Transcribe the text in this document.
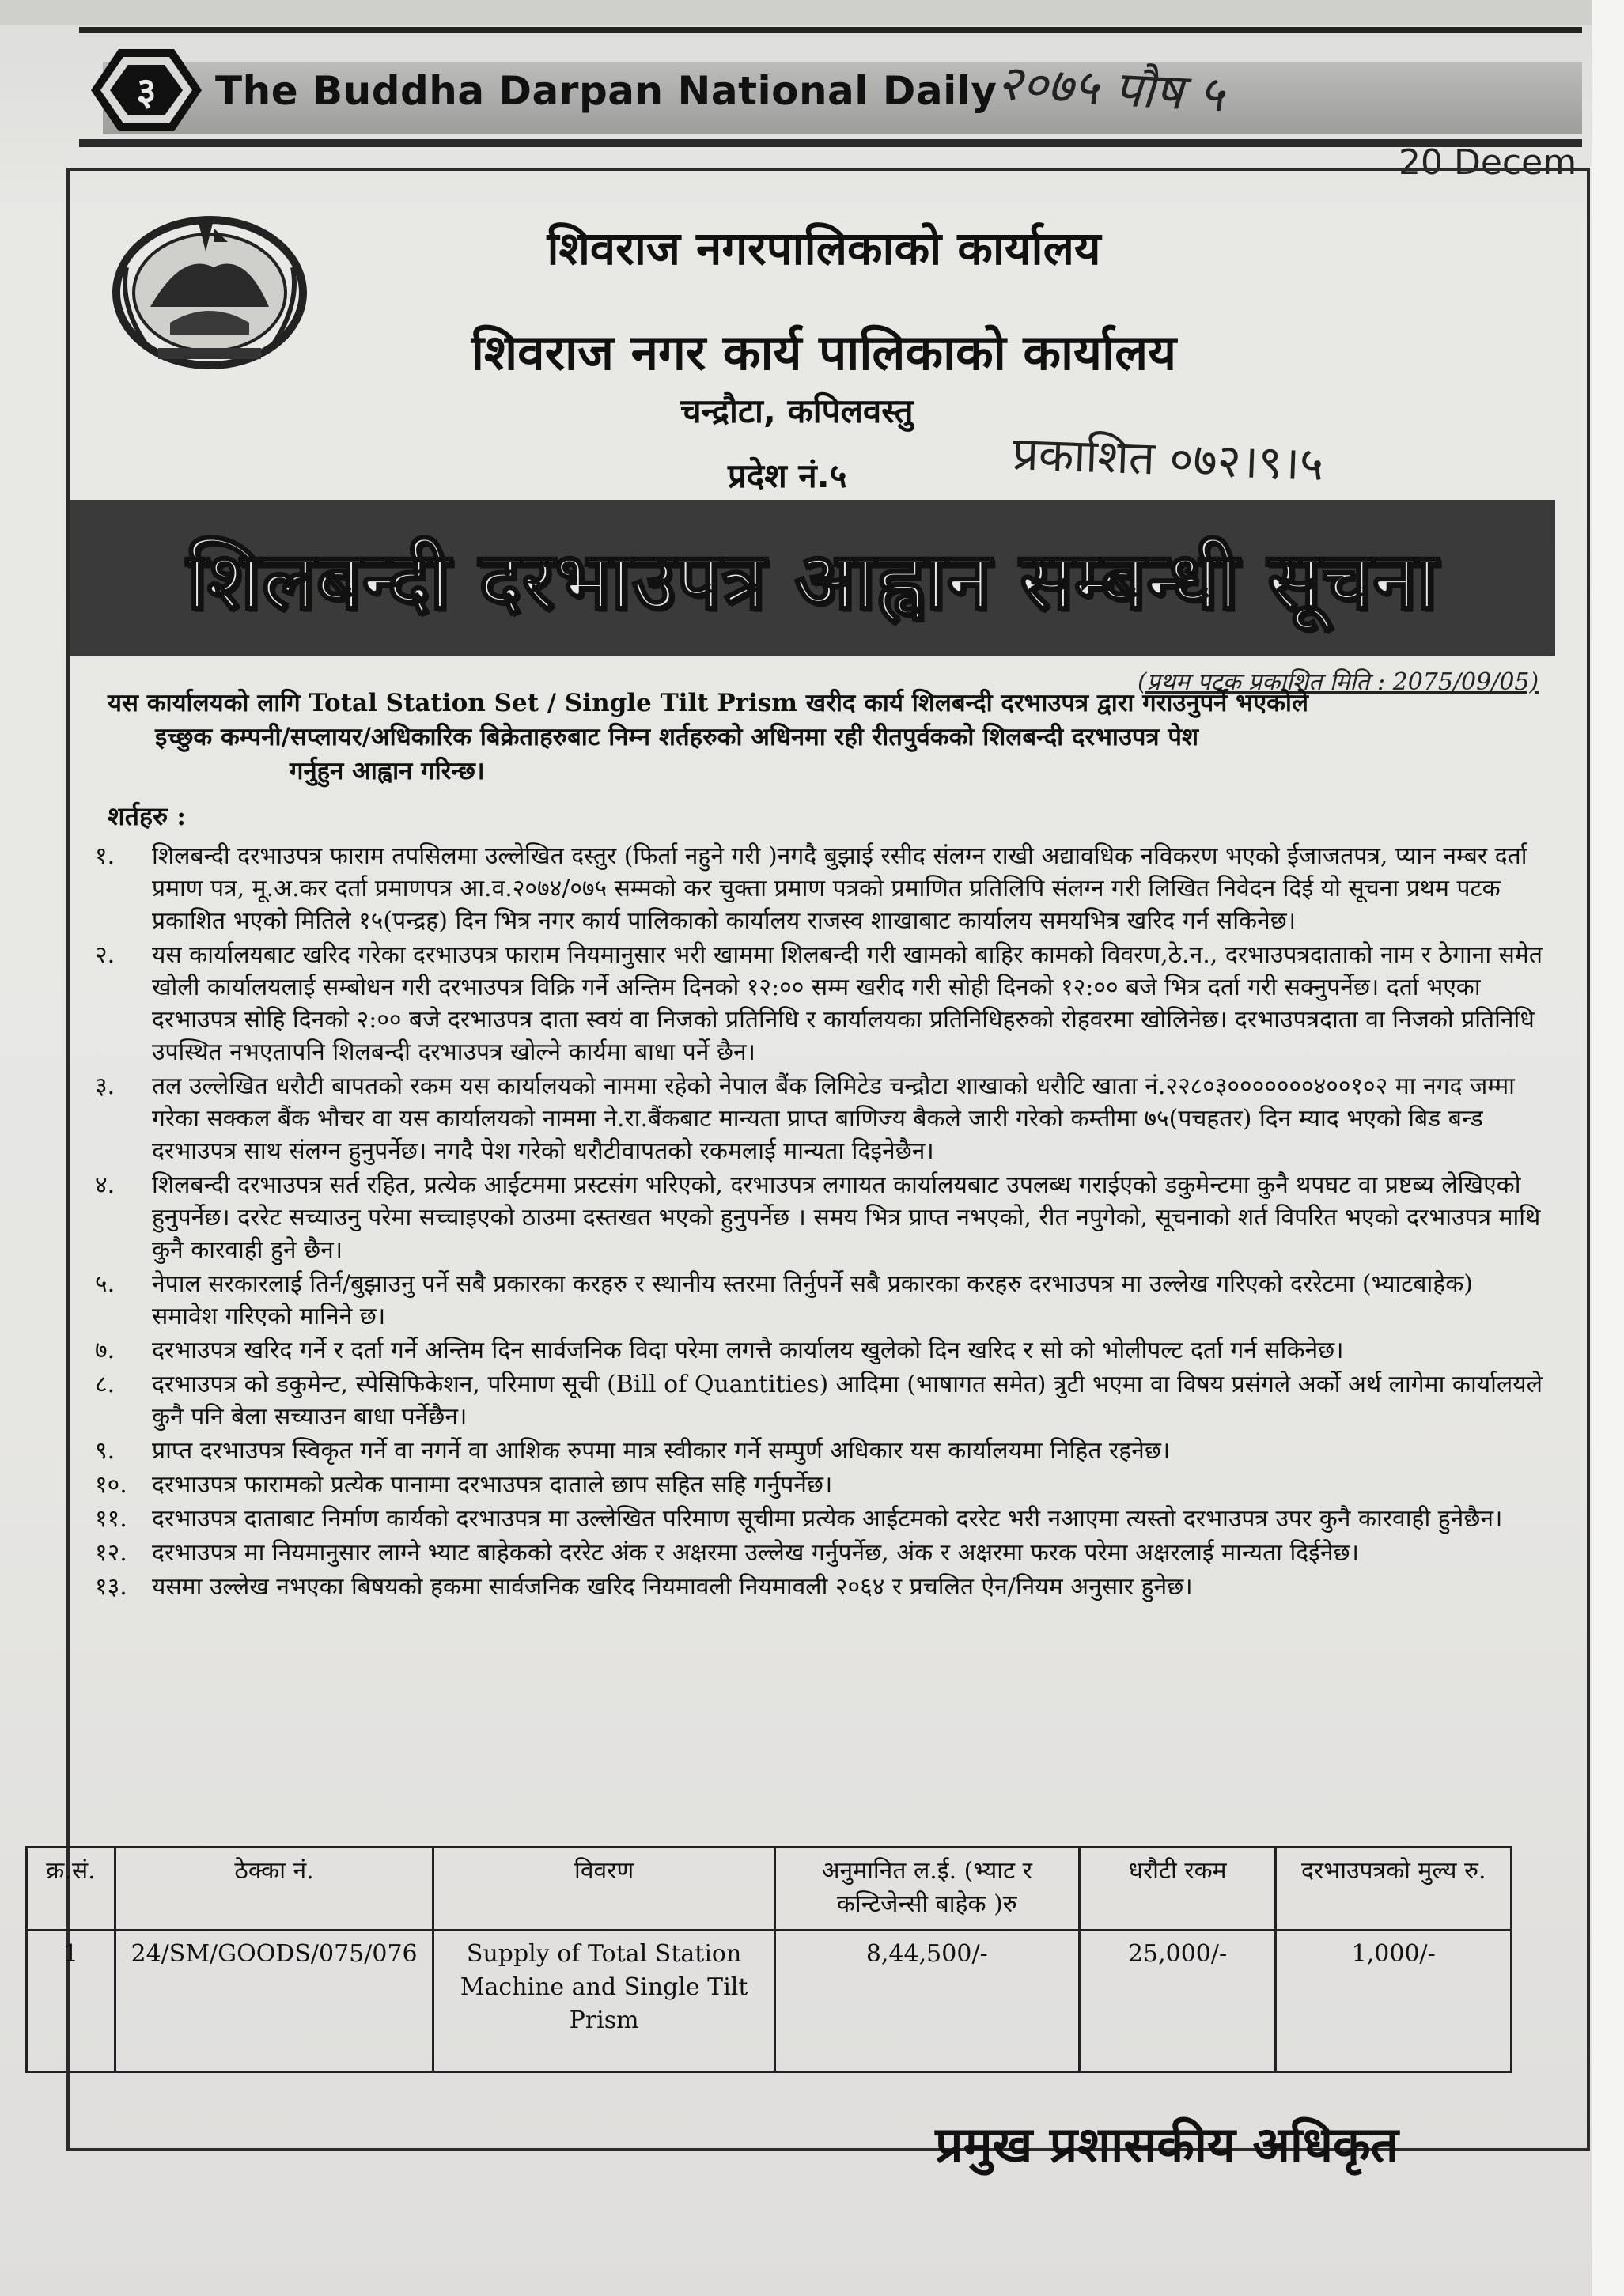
३ The Buddha Darpan National Daily
२०७५ पौष ५
20 Decem
शिवराज नगरपालिकाको कार्यालय
शिवराज नगर कार्य पालिकाको कार्यालय
चन्द्रौटा, कपिलवस्तु
प्रदेश नं.५	प्रकाशित ०७२।९।५
शिलबन्दी दरभाउपत्र आह्वान सम्बन्धी सूचना
(प्रथम पटक प्रकाशित मिति : 2075/09/05)

यस कार्यालयको लागि Total Station Set / Single Tilt Prism खरीद कार्य शिलबन्दी दरभाउपत्र द्वारा गराउनुपर्ने भएकोले

इच्छुक कम्पनी/सप्लायर/अधिकारिक बिक्रेताहरुबाट निम्न शर्तहरुको अधिनमा रही रीतपुर्वकको शिलबन्दी दरभाउपत्र पेश

गर्नुहुन आह्वान गरिन्छ।

शर्तहरु :
१. शिलबन्दी दरभाउपत्र फाराम तपसिलमा उल्लेखित दस्तुर (फिर्ता नहुने गरी )नगदै बुझाई रसीद संलग्न राखी अद्यावधिक नविकरण भएको ईजाजतपत्र, प्यान नम्बर दर्ता प्रमाण पत्र, मू.अ.कर दर्ता प्रमाणपत्र आ.व.२०७४/०७५ सम्मको कर चुक्ता प्रमाण पत्रको प्रमाणित प्रतिलिपि संलग्न गरी लिखित निवेदन दिई यो सूचना प्रथम पटक प्रकाशित भएको मितिले १५(पन्द्रह) दिन भित्र नगर कार्य पालिकाको कार्यालय राजस्व शाखाबाट कार्यालय समयभित्र खरिद गर्न सकिनेछ।
२. यस कार्यालयबाट खरिद गरेका दरभाउपत्र फाराम नियमानुसार भरी खाममा शिलबन्दी गरी खामको बाहिर कामको विवरण,ठे.न., दरभाउपत्रदाताको नाम र ठेगाना समेत खोली कार्यालयलाई सम्बोधन गरी दरभाउपत्र विक्रि गर्ने अन्तिम दिनको १२:०० सम्म खरीद गरी सोही दिनको १२:०० बजे भित्र दर्ता गरी सक्नुपर्नेछ। दर्ता भएका दरभाउपत्र सोहि दिनको २:०० बजे दरभाउपत्र दाता स्वयं वा निजको प्रतिनिधि र कार्यालयका प्रतिनिधिहरुको रोहवरमा खोलिनेछ। दरभाउपत्रदाता वा निजको प्रतिनिधि उपस्थित नभएतापनि शिलबन्दी दरभाउपत्र खोल्ने कार्यमा बाधा पर्ने छैन।
३. तल उल्लेखित धरौटी बापतको रकम यस कार्यालयको नाममा रहेको नेपाल बैंक लिमिटेड चन्द्रौटा शाखाको धरौटि खाता नं.२२८०३०००००००४००१०२ मा नगद जम्मा गरेका सक्कल बैंक भौचर वा यस कार्यालयको नाममा ने.रा.बैंकबाट मान्यता प्राप्त बाणिज्य बैकले जारी गरेको कम्तीमा ७५(पचहतर) दिन म्याद भएको बिड बन्ड दरभाउपत्र साथ संलग्न हुनुपर्नेछ। नगदै पेश गरेको धरौटीवापतको रकमलाई मान्यता दिइनेछैन।
४. शिलबन्दी दरभाउपत्र सर्त रहित, प्रत्येक आईटममा प्रस्टसंग भरिएको, दरभाउपत्र लगायत कार्यालयबाट उपलब्ध गराईएको डकुमेन्टमा कुनै थपघट वा प्रष्टब्य लेखिएको हुनुपर्नेछ। दररेट सच्याउनु परेमा सच्चाइएको ठाउमा दस्तखत भएको हुनुपर्नेछ । समय भित्र प्राप्त नभएको, रीत नपुगेको, सूचनाको शर्त विपरित भएको दरभाउपत्र माथि कुनै कारवाही हुने छैन।
५. नेपाल सरकारलाई तिर्न/बुझाउनु पर्ने सबै प्रकारका करहरु र स्थानीय स्तरमा तिर्नुपर्ने सबै प्रकारका करहरु दरभाउपत्र मा उल्लेख गरिएको दररेटमा (भ्याटबाहेक) समावेश गरिएको मानिने छ।
७. दरभाउपत्र खरिद गर्ने र दर्ता गर्ने अन्तिम दिन सार्वजनिक विदा परेमा लगत्तै कार्यालय खुलेको दिन खरिद र सो को भोलीपल्ट दर्ता गर्न सकिनेछ।
८. दरभाउपत्र को डकुमेन्ट, स्पेसिफिकेशन, परिमाण सूची (Bill of Quantities) आदिमा (भाषागत समेत) त्रुटी भएमा वा विषय प्रसंगले अर्को अर्थ लागेमा कार्यालयले कुनै पनि बेला सच्याउन बाधा पर्नेछैन।
९. प्राप्त दरभाउपत्र स्विकृत गर्ने वा नगर्ने वा आशिक रुपमा मात्र स्वीकार गर्ने सम्पुर्ण अधिकार यस कार्यालयमा निहित रहनेछ।
१०. दरभाउपत्र फारामको प्रत्येक पानामा दरभाउपत्र दाताले छाप सहित सहि गर्नुपर्नेछ।
११. दरभाउपत्र दाताबाट निर्माण कार्यको दरभाउपत्र मा उल्लेखित परिमाण सूचीमा प्रत्येक आईटमको दररेट भरी नआएमा त्यस्तो दरभाउपत्र उपर कुनै कारवाही हुनेछैन।
१२. दरभाउपत्र मा नियमानुसार लाग्ने भ्याट बाहेकको दररेट अंक र अक्षरमा उल्लेख गर्नुपर्नेछ, अंक र अक्षरमा फरक परेमा अक्षरलाई मान्यता दिईनेछ।
१३. यसमा उल्लेख नभएका बिषयको हकमा सार्वजनिक खरिद नियमावली नियमावली २०६४ र प्रचलित ऐन/नियम अनुसार हुनेछ।
क्र.सं.	ठेक्का नं.	विवरण	अनुमानित ल.ई. (भ्याट र कन्टिजेन्सी बाहेक )रु	धरौटी रकम	दरभाउपत्रको मुल्य रु.
1	24/SM/GOODS/075/076	Supply of Total Station Machine and Single Tilt Prism	8,44,500/-	25,000/-	1,000/-
प्रमुख प्रशासकीय अधिकृत
